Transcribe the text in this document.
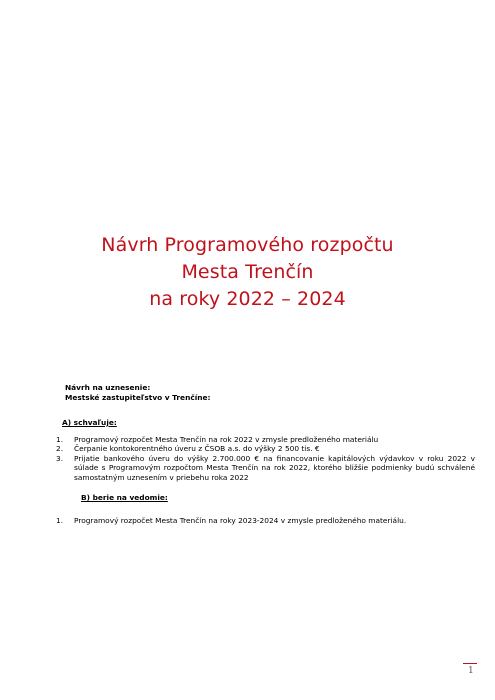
Návrh Programového rozpočtu
Mesta Trenčín
na roky 2022 – 2024
Návrh na uznesenie:
Mestské zastupiteľstvo v Trenčíne:
A) schvaľuje:
1. Programový rozpočet Mesta Trenčín na rok 2022 v zmysle predloženého materiálu
2. Čerpanie kontokorentného úveru z ČSOB a.s. do výšky 2 500 tis. €
3. Prijatie bankového úveru do výšky 2.700.000 € na financovanie kapitálových výdavkov v roku 2022 v súlade s Programovým rozpočtom Mesta Trenčín na rok 2022, ktorého bližšie podmienky budú schválené samostatným uznesením v priebehu roka 2022
B) berie na vedomie:
1. Programový rozpočet Mesta Trenčín na roky 2023-2024 v zmysle predloženého materiálu.
1
